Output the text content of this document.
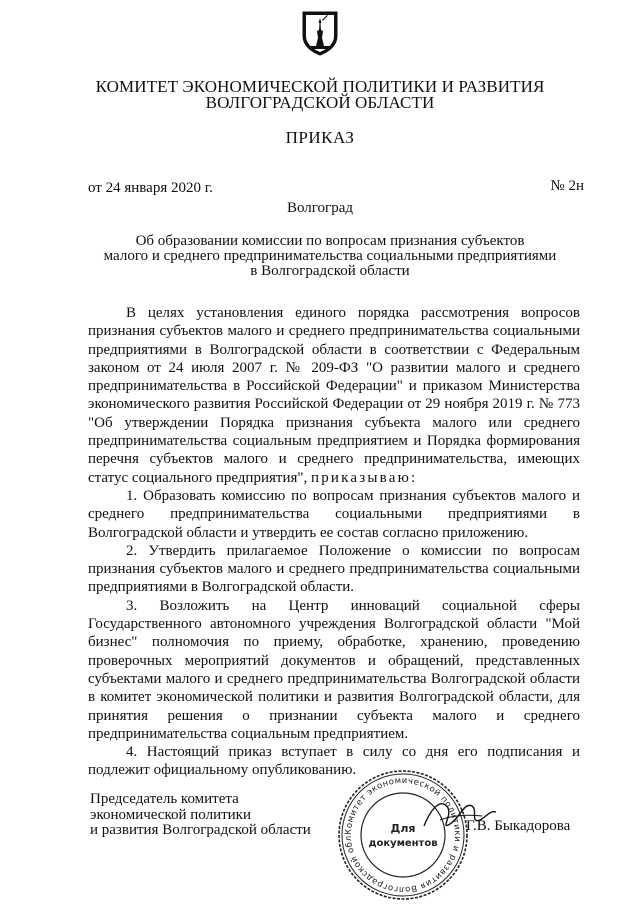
КОМИТЕТ ЭКОНОМИЧЕСКОЙ ПОЛИТИКИ И РАЗВИТИЯ
ВОЛГОГРАДСКОЙ ОБЛАСТИ
ПРИКАЗ
от 24 января 2020 г.	№ 2н
Волгоград
Об образовании комиссии по вопросам признания субъектов
малого и среднего предпринимательства социальными предприятиями
в Волгоградской области

В целях установления единого порядка рассмотрения вопросов признания субъектов малого и среднего предпринимательства социальными предприятиями в Волгоградской области в соответствии с Федеральным законом от 24 июля 2007 г. № 209-ФЗ "О развитии малого и среднего предпринимательства в Российской Федерации" и приказом Министерства экономического развития Российской Федерации от 29 ноября 2019 г. № 773 "Об утверждении Порядка признания субъекта малого или среднего предпринимательства социальным предприятием и Порядка формирования перечня субъектов малого и среднего предпринимательства, имеющих статус социального предприятия", приказываю:

1. Образовать комиссию по вопросам признания субъектов малого и среднего предпринимательства социальными предприятиями в Волгоградской области и утвердить ее состав согласно приложению.

2. Утвердить прилагаемое Положение о комиссии по вопросам признания субъектов малого и среднего предпринимательства социальными предприятиями в Волгоградской области.

3. Возложить на Центр инноваций социальной сферы Государственного автономного учреждения Волгоградской области "Мой бизнес" полномочия по приему, обработке, хранению, проведению проверочных мероприятий документов и обращений, представленных субъектами малого и среднего предпринимательства Волгоградской области в комитет экономической политики и развития Волгоградской области, для принятия решения о признании субъекта малого и среднего предпринимательства социальным предприятием.

4. Настоящий приказ вступает в силу со дня его подписания и подлежит официальному опубликованию.

Председатель комитета
экономической политики
и развития Волгоградской области	Комитет экономической политики и развития Волгоградской обл
Для
документов
Г.В. Быкадорова
